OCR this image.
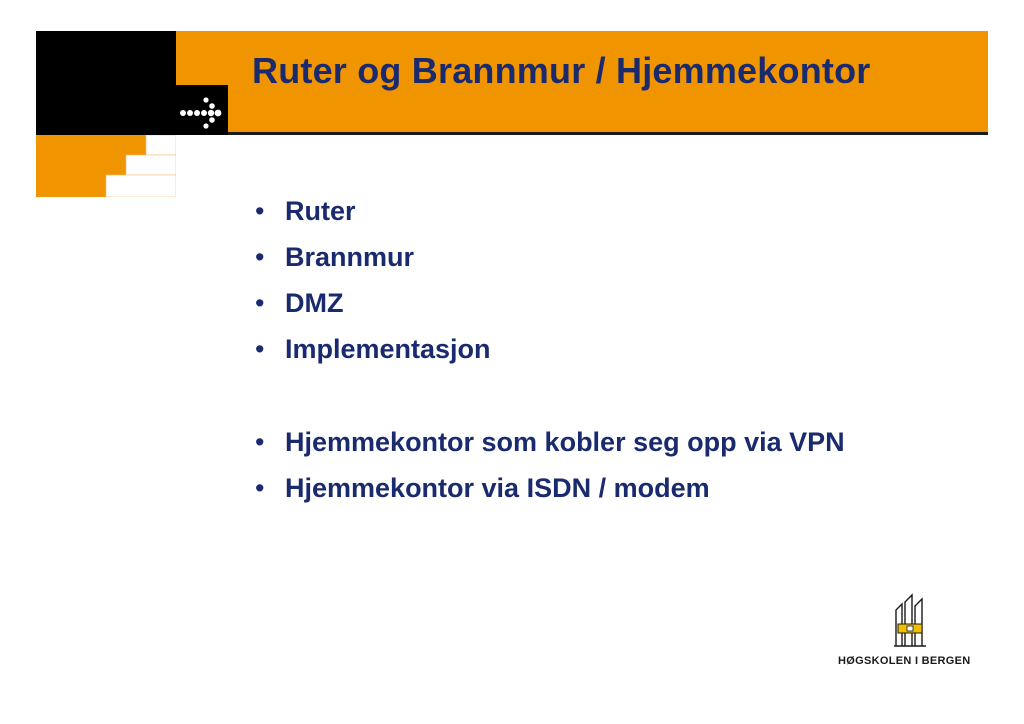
Ruter og Brannmur / Hjemmekontor
• Ruter
• Brannmur
• DMZ
• Implementasjon
• Hjemmekontor som kobler seg opp via VPN
• Hjemmekontor via ISDN / modem
HØGSKOLEN I BERGEN
